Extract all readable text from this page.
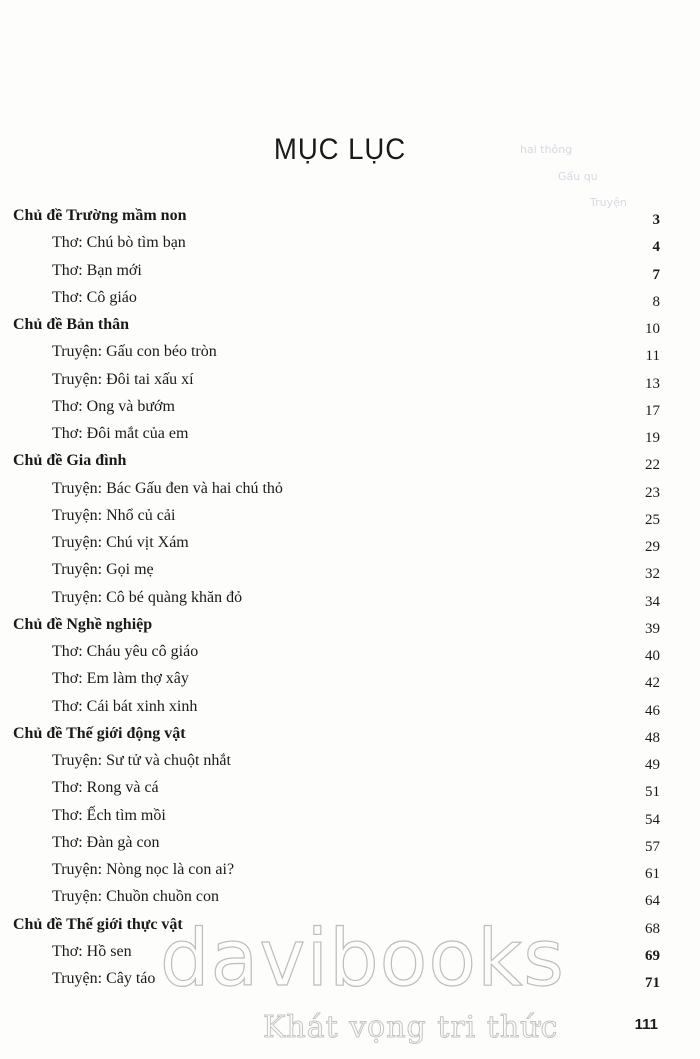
hai thông
Gấu qu
Truyện
MỤC LỤC
Chủ đề Trường mầm non	3
Thơ: Chú bò tìm bạn	4
Thơ: Bạn mới	7
Thơ: Cô giáo	8
Chủ đề Bản thân	10
Truyện: Gấu con béo tròn	11
Truyện: Đôi tai xấu xí	13
Thơ: Ong và bướm	17
Thơ: Đôi mắt của em	19
Chủ đề Gia đình	22
Truyện: Bác Gấu đen và hai chú thỏ	23
Truyện: Nhổ củ cải	25
Truyện: Chú vịt Xám	29
Truyện: Gọi mẹ	32
Truyện: Cô bé quàng khăn đỏ	34
Chủ đề Nghề nghiệp	39
Thơ: Cháu yêu cô giáo	40
Thơ: Em làm thợ xây	42
Thơ: Cái bát xinh xinh	46
Chủ đề Thế giới động vật	48
Truyện: Sư tử và chuột nhắt	49
Thơ: Rong và cá	51
Thơ: Ếch tìm mồi	54
Thơ: Đàn gà con	57
Truyện: Nòng nọc là con ai?	61
Truyện: Chuồn chuồn con	64
Chủ đề Thế giới thực vật	68
Thơ: Hồ sen	69
Truyện: Cây táo	71
davibooks
Khát vọng tri thức	111
